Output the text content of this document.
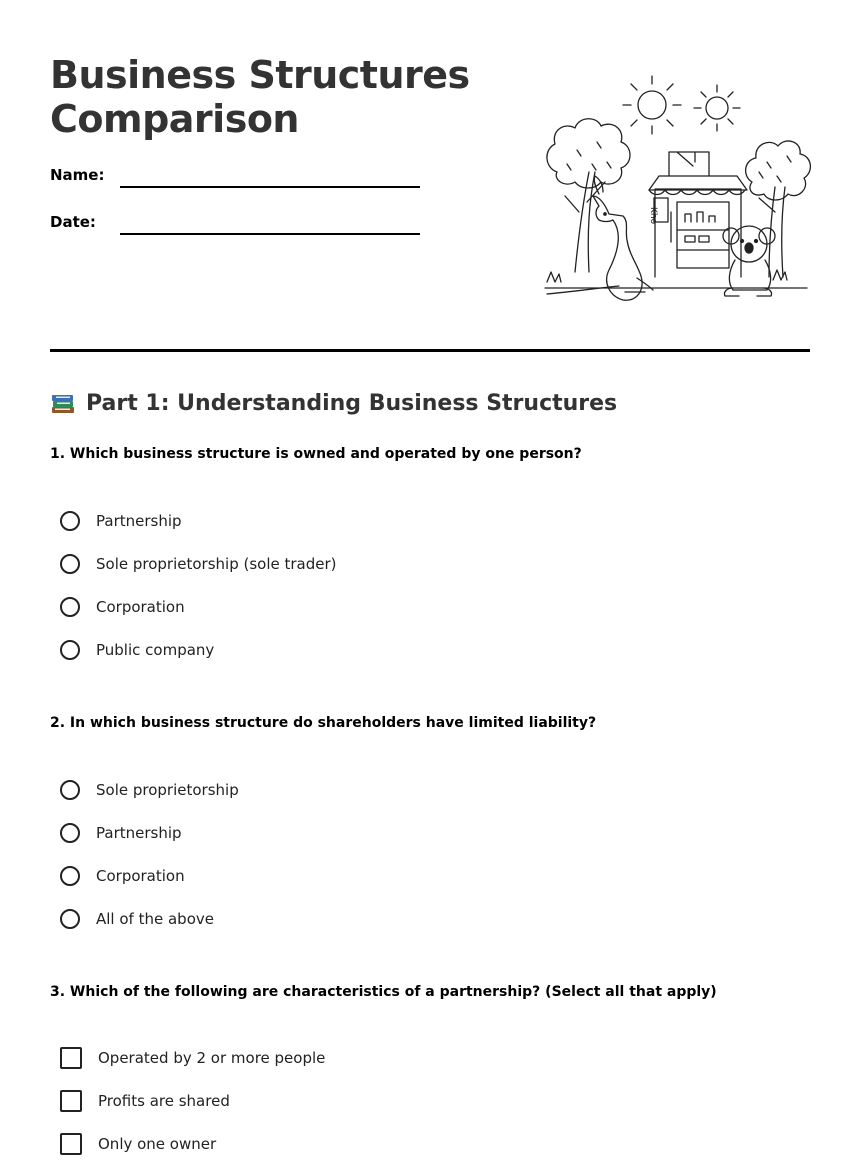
Business Structures
Comparison
Name:
Date:	Kho
Part 1: Understanding Business Structures
1. Which business structure is owned and operated by one person?
Partnership
Sole proprietorship (sole trader)
Corporation
Public company
2. In which business structure do shareholders have limited liability?
Sole proprietorship
Partnership
Corporation
All of the above
3. Which of the following are characteristics of a partnership? (Select all that apply)
Operated by 2 or more people
Profits are shared
Only one owner
